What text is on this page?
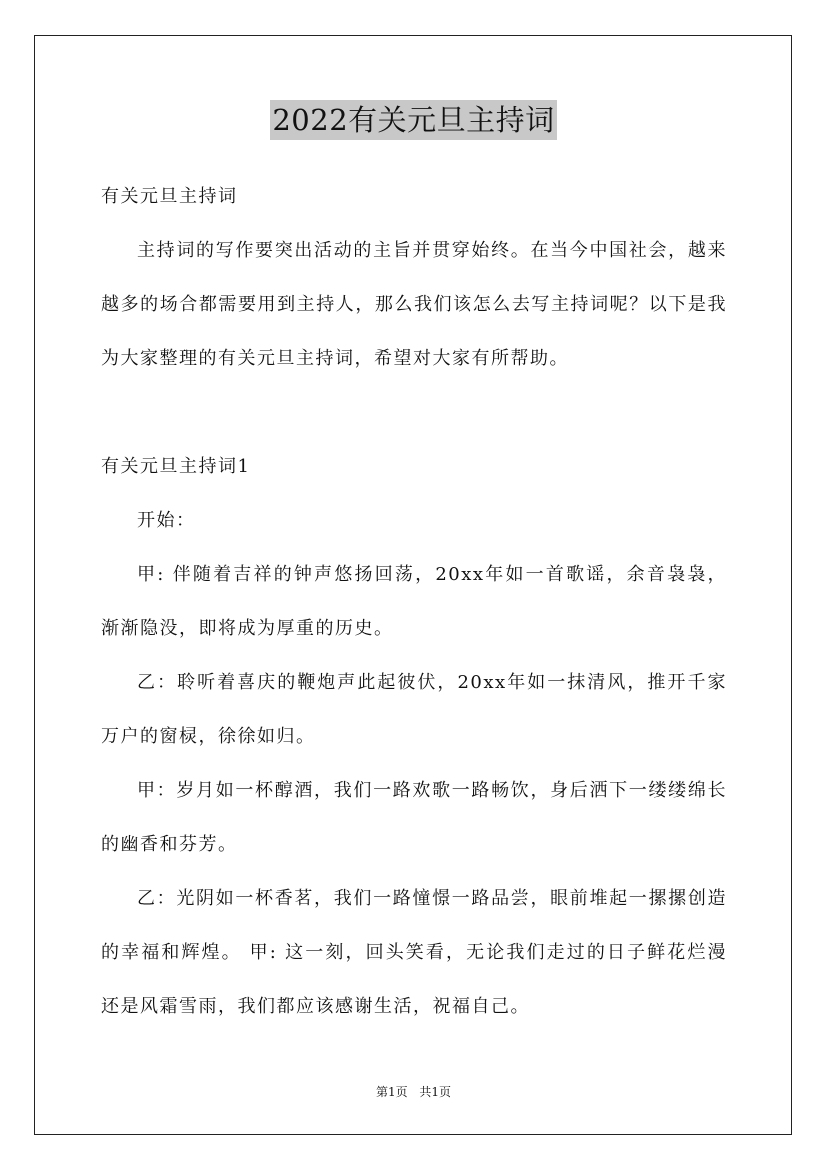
2022有关元旦主持词

有关元旦主持词

主持词的写作要突出活动的主旨并贯穿始终。在当今中国社会，越来越多的场合都需要用到主持人，那么我们该怎么去写主持词呢？以下是我为大家整理的有关元旦主持词，希望对大家有所帮助。

有关元旦主持词1

开始：

甲: 伴随着吉祥的钟声悠扬回荡，20xx年如一首歌谣，余音袅袅，渐渐隐没，即将成为厚重的历史。

乙：聆听着喜庆的鞭炮声此起彼伏，20xx年如一抹清风，推开千家万户的窗棂，徐徐如归。

甲：岁月如一杯醇酒，我们一路欢歌一路畅饮，身后洒下一缕缕绵长的幽香和芬芳。

乙：光阴如一杯香茗，我们一路憧憬一路品尝，眼前堆起一摞摞创造的幸福和辉煌。 甲: 这一刻，回头笑看，无论我们走过的日子鲜花烂漫还是风霜雪雨，我们都应该感谢生活，祝福自己。

第1页 共1页
